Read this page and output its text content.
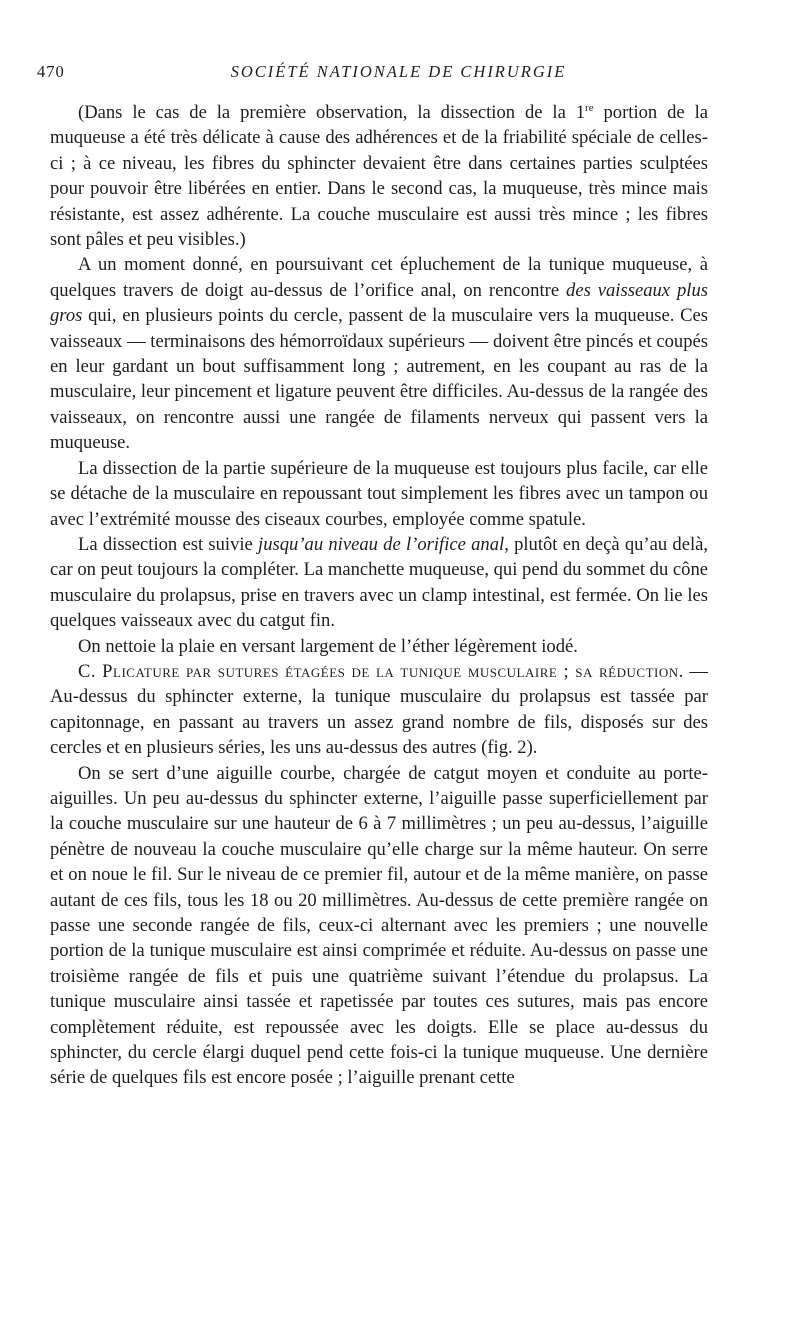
470	SOCIÉTÉ NATIONALE DE CHIRURGIE

(Dans le cas de la première observation, la dissection de la 1re portion de la muqueuse a été très délicate à cause des adhérences et de la friabilité spéciale de celles-ci ; à ce niveau, les fibres du sphincter devaient être dans certaines parties sculptées pour pouvoir être libérées en entier. Dans le second cas, la muqueuse, très mince mais résistante, est assez adhérente. La couche musculaire est aussi très mince ; les fibres sont pâles et peu visibles.)

A un moment donné, en poursuivant cet épluchement de la tunique muqueuse, à quelques travers de doigt au-dessus de l’orifice anal, on rencontre des vaisseaux plus gros qui, en plusieurs points du cercle, passent de la musculaire vers la muqueuse. Ces vaisseaux — terminaisons des hémorroïdaux supérieurs — doivent être pincés et coupés en leur gardant un bout suffisamment long ; autrement, en les coupant au ras de la musculaire, leur pincement et ligature peuvent être difficiles. Au-dessus de la rangée des vaisseaux, on rencontre aussi une rangée de filaments nerveux qui passent vers la muqueuse.

La dissection de la partie supérieure de la muqueuse est toujours plus facile, car elle se détache de la musculaire en repoussant tout simplement les fibres avec un tampon ou avec l’extrémité mousse des ciseaux courbes, employée comme spatule.

La dissection est suivie jusqu’au niveau de l’orifice anal, plutôt en deçà qu’au delà, car on peut toujours la compléter. La manchette muqueuse, qui pend du sommet du cône musculaire du prolapsus, prise en travers avec un clamp intestinal, est fermée. On lie les quelques vaisseaux avec du catgut fin.

On nettoie la plaie en versant largement de l’éther légèrement iodé.

C. Plicature par sutures étagées de la tunique musculaire ; sa réduction. — Au-dessus du sphincter externe, la tunique musculaire du prolapsus est tassée par capitonnage, en passant au travers un assez grand nombre de fils, disposés sur des cercles et en plusieurs séries, les uns au-dessus des autres (fig. 2).

On se sert d’une aiguille courbe, chargée de catgut moyen et conduite au porte-aiguilles. Un peu au-dessus du sphincter externe, l’aiguille passe superficiellement par la couche musculaire sur une hauteur de 6 à 7 millimètres ; un peu au-dessus, l’aiguille pénètre de nouveau la couche musculaire qu’elle charge sur la même hauteur. On serre et on noue le fil. Sur le niveau de ce premier fil, autour et de la même manière, on passe autant de ces fils, tous les 18 ou 20 millimètres. Au-dessus de cette première rangée on passe une seconde rangée de fils, ceux-ci alternant avec les premiers ; une nouvelle portion de la tunique musculaire est ainsi comprimée et réduite. Au-dessus on passe une troisième rangée de fils et puis une quatrième suivant l’étendue du prolapsus. La tunique musculaire ainsi tassée et rapetissée par toutes ces sutures, mais pas encore complètement réduite, est repoussée avec les doigts. Elle se place au-dessus du sphincter, du cercle élargi duquel pend cette fois-ci la tunique muqueuse. Une dernière série de quelques fils est encore posée ; l’aiguille prenant cette
